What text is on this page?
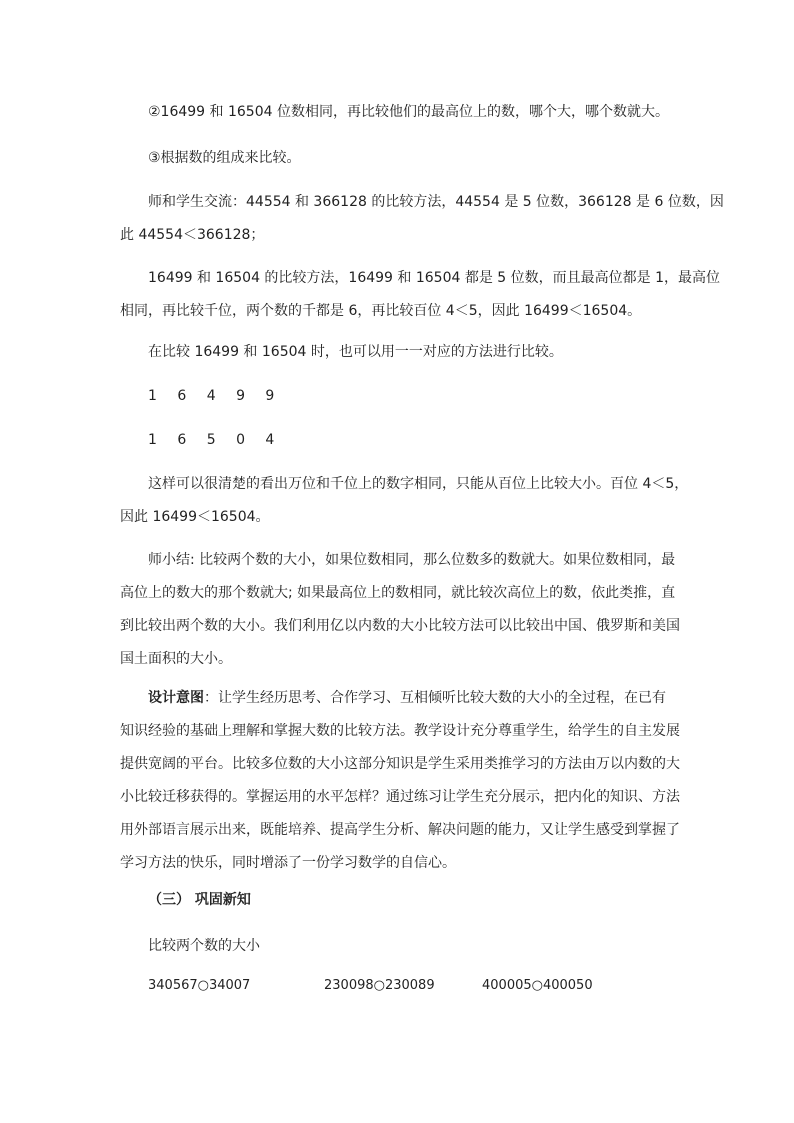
②16499 和 16504 位数相同，再比较他们的最高位上的数，哪个大，哪个数就大。
③根据数的组成来比较。
师和学生交流：44554 和 366128 的比较方法，44554 是 5 位数，366128 是 6 位数，因
此 44554＜366128；
16499 和 16504 的比较方法，16499 和 16504 都是 5 位数，而且最高位都是 1，最高位
相同，再比较千位，两个数的千都是 6，再比较百位 4＜5，因此 16499＜16504。
在比较 16499 和 16504 时，也可以用一一对应的方法进行比较。
1 6 4 9 9
1 6 5 0 4
这样可以很清楚的看出万位和千位上的数字相同，只能从百位上比较大小。百位 4＜5，
因此 16499＜16504。
师小结: 比较两个数的大小，如果位数相同，那么位数多的数就大。如果位数相同，最
高位上的数大的那个数就大; 如果最高位上的数相同，就比较次高位上的数，依此类推，直
到比较出两个数的大小。我们利用亿以内数的大小比较方法可以比较出中国、俄罗斯和美国
国土面积的大小。
设计意图：让学生经历思考、合作学习、互相倾听比较大数的大小的全过程，在已有
知识经验的基础上理解和掌握大数的比较方法。教学设计充分尊重学生，给学生的自主发展
提供宽阔的平台。比较多位数的大小这部分知识是学生采用类推学习的方法由万以内数的大
小比较迁移获得的。掌握运用的水平怎样？通过练习让学生充分展示，把内化的知识、方法
用外部语言展示出来，既能培养、提高学生分析、解决问题的能力，又让学生感受到掌握了
学习方法的快乐，同时增添了一份学习数学的自信心。
（三） 巩固新知
比较两个数的大小
340567○34007	230098○230089	400005○400050
